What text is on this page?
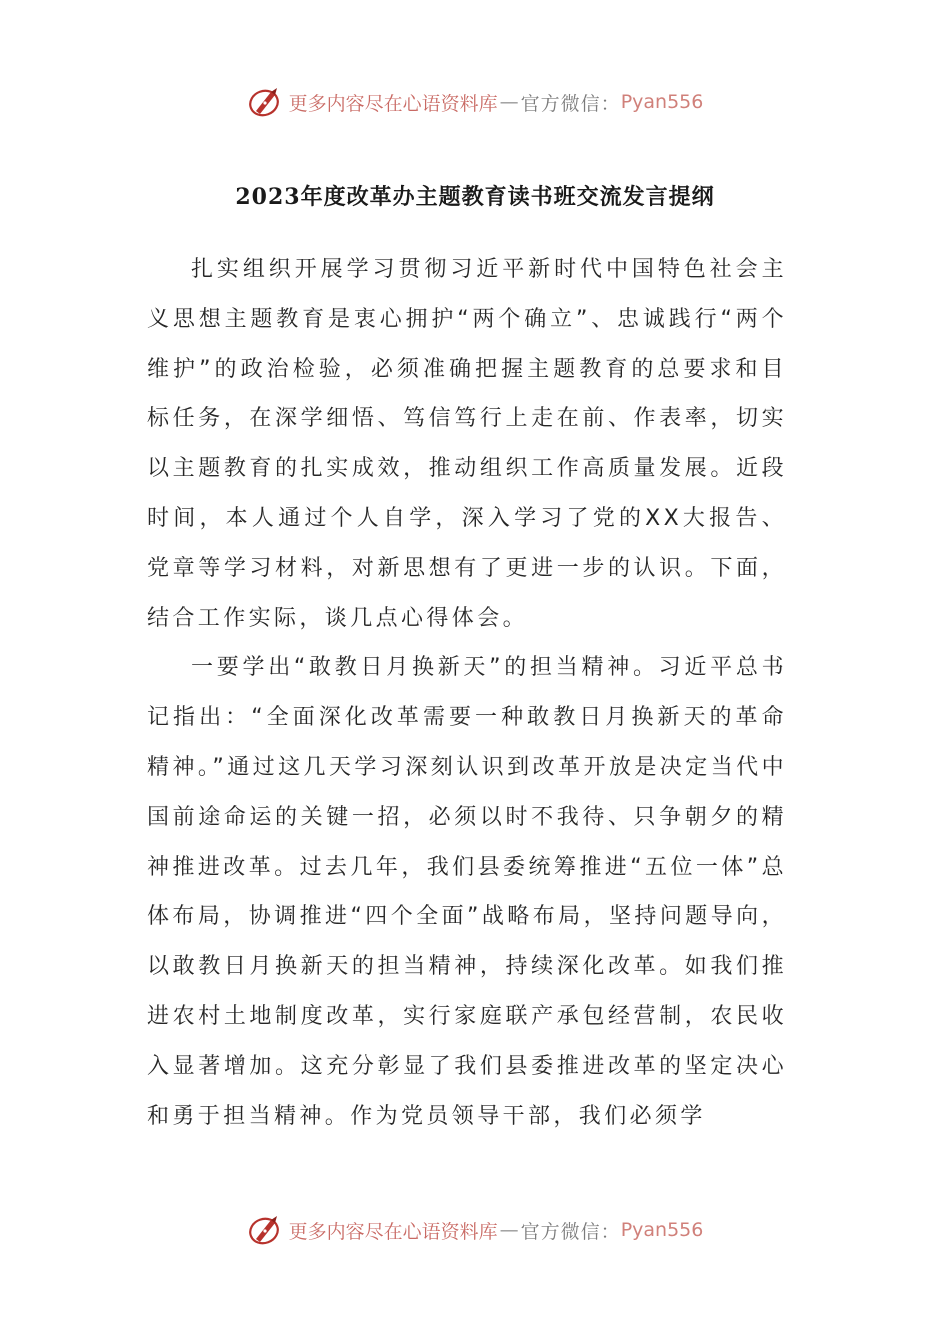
更多内容尽在心语资料库 — 官方微信： Pyan556
2023年度改革办主题教育读书班交流发言提纲

扎实组织开展学习贯彻习近平新时代中国特色社会主义思想主题教育是衷心拥护“两个确立”、忠诚践行“两个维护”的政治检验，必须准确把握主题教育的总要求和目标任务，在深学细悟、笃信笃行上走在前、作表率，切实以主题教育的扎实成效，推动组织工作高质量发展。近段时间，本人通过个人自学，深入学习了党的XX大报告、党章等学习材料，对新思想有了更进一步的认识。下面，结合工作实际，谈几点心得体会。

一要学出“敢教日月换新天”的担当精神。习近平总书记指出：“全面深化改革需要一种敢教日月换新天的革命精神。”通过这几天学习深刻认识到改革开放是决定当代中国前途命运的关键一招，必须以时不我待、只争朝夕的精神推进改革。过去几年，我们县委统筹推进“五位一体”总体布局，协调推进“四个全面”战略布局，坚持问题导向，以敢教日月换新天的担当精神，持续深化改革。如我们推进农村土地制度改革，实行家庭联产承包经营制，农民收入显著增加。这充分彰显了我们县委推进改革的坚定决心和勇于担当精神。作为党员领导干部，我们必须学

更多内容尽在心语资料库 — 官方微信： Pyan556
